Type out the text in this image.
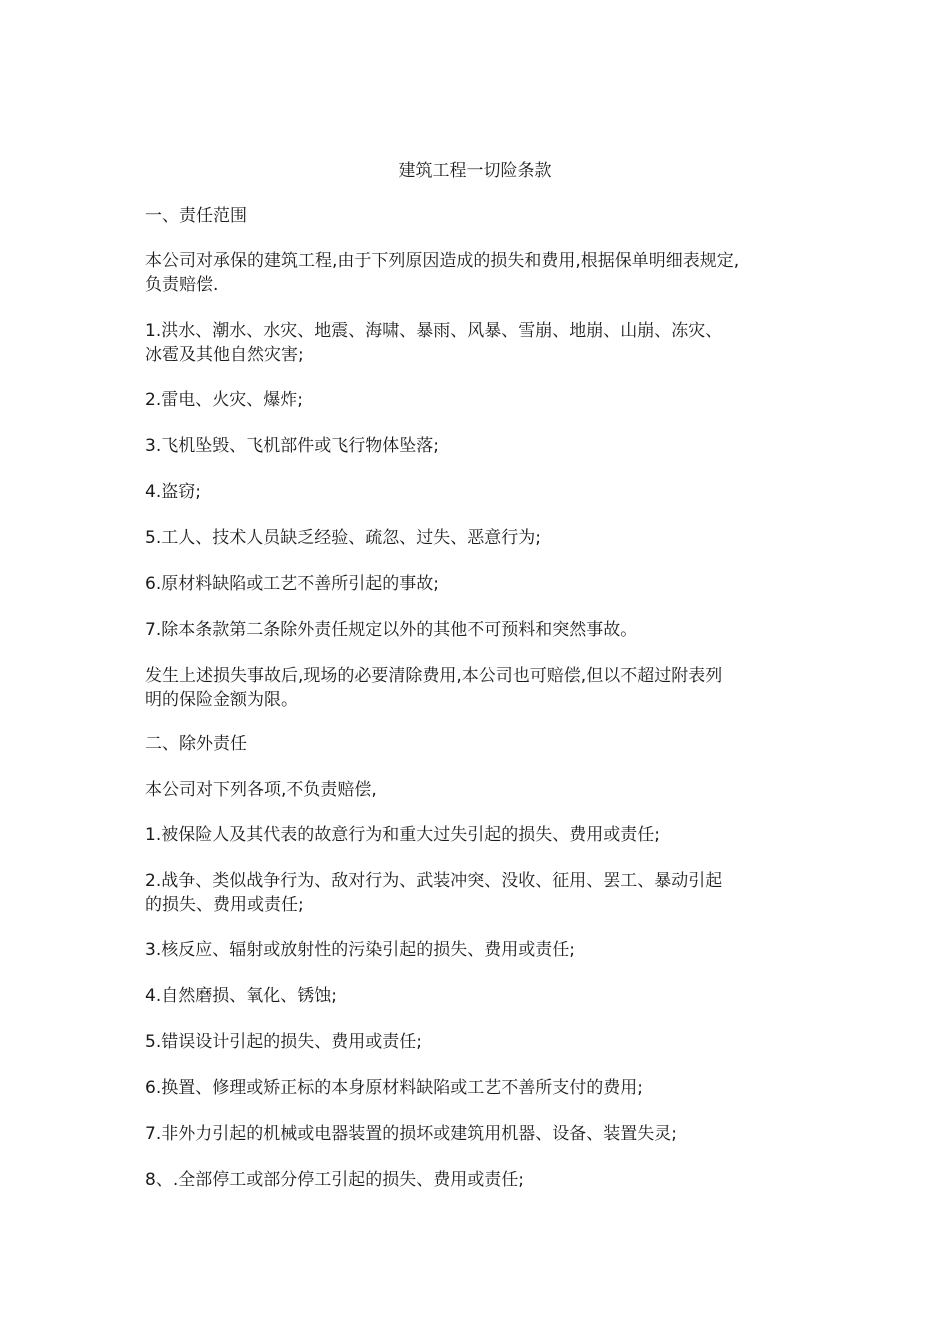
建筑工程一切险条款

一、责任范围

本公司对承保的建筑工程,由于下列原因造成的损失和费用,根据保单明细表规定,
负责赔偿.

1.洪水、潮水、水灾、地震、海啸、暴雨、风暴、雪崩、地崩、山崩、冻灾、
冰雹及其他自然灾害;

2.雷电、火灾、爆炸;

3.飞机坠毁、飞机部件或飞行物体坠落;

4.盗窃;

5.工人、技术人员缺乏经验、疏忽、过失、恶意行为;

6.原材料缺陷或工艺不善所引起的事故;

7.除本条款第二条除外责任规定以外的其他不可预料和突然事故。

发生上述损失事故后,现场的必要清除费用,本公司也可赔偿,但以不超过附表列
明的保险金额为限。

二、除外责任

本公司对下列各项,不负责赔偿,

1.被保险人及其代表的故意行为和重大过失引起的损失、费用或责任;

2.战争、类似战争行为、敌对行为、武装冲突、没收、征用、罢工、暴动引起
的损失、费用或责任;

3.核反应、辐射或放射性的污染引起的损失、费用或责任;

4.自然磨损、氧化、锈蚀;

5.错误设计引起的损失、费用或责任;

6.换置、修理或矫正标的本身原材料缺陷或工艺不善所支付的费用;

7.非外力引起的机械或电器装置的损坏或建筑用机器、设备、装置失灵;

8、.全部停工或部分停工引起的损失、费用或责任;
